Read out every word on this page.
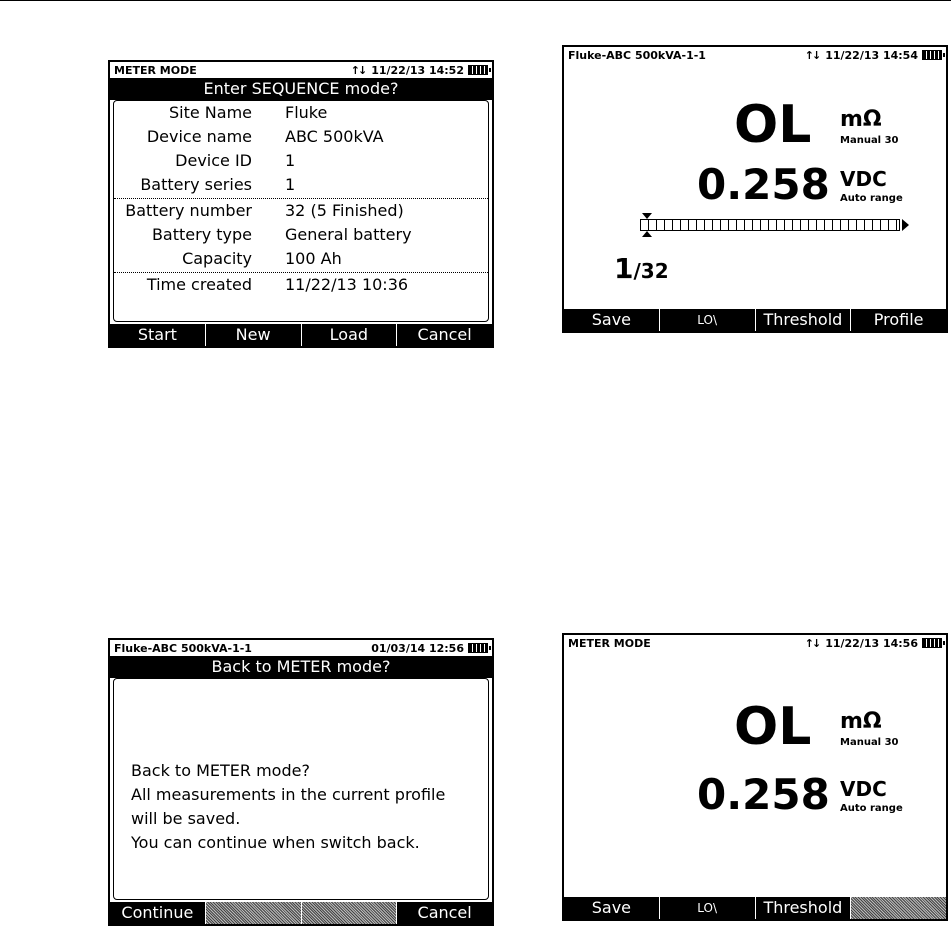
METER MODE	↑↓ 11/22/13 14:52
Enter SEQUENCE mode?
Site Name Fluke
Device name ABC 500kVA
Device ID 1
Battery series 1
Battery number 32 (5 Finished)
Battery type General battery
Capacity 100 Ah
Time created 11/22/13 10:36
Start	New	Load	Cancel
Fluke-ABC 500kVA-1-1	↑↓ 11/22/13 14:54
OL mΩ
Manual 30
0.258 VDC
Auto range
1/32
Save	LO\	Threshold	Profile
Fluke-ABC 500kVA-1-1	01/03/14 12:56
Back to METER mode?
Back to METER mode?
All measurements in the current profile
will be saved.
You can continue when switch back.
Continue	Cancel
METER MODE	↑↓ 11/22/13 14:56
OL mΩ
Manual 30
0.258 VDC
Auto range
Save	LO\	Threshold
